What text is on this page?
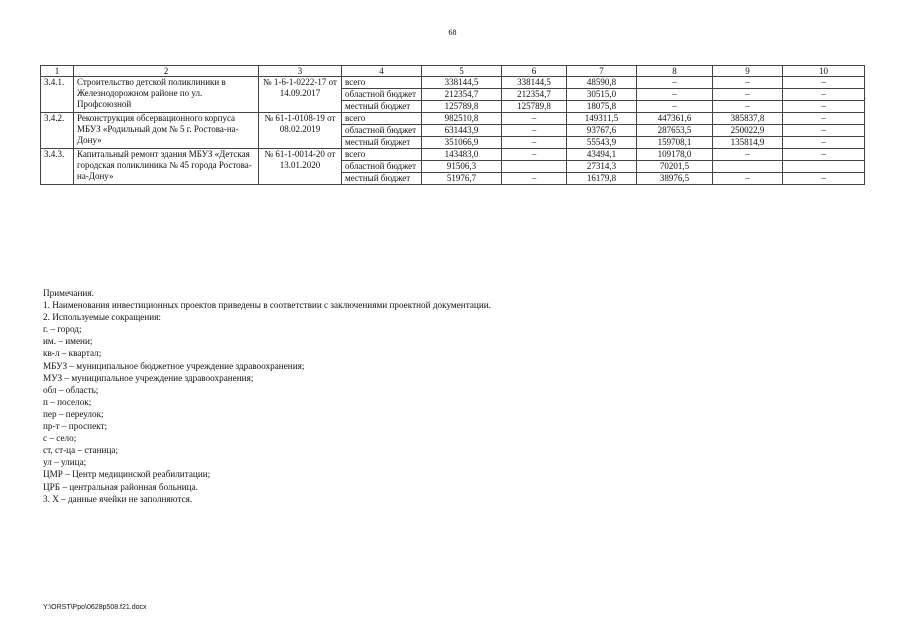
68
1	2	3	4	5	6	7	8	9	10
3.4.1.	Строительство детской поликлиники в Железнодорожном районе по ул. Профсоюзной	№ 1-6-1-0222-17 от 14.09.2017	всего	338144,5	338144,5	48590,8	–	–	–
			областной бюджет	212354,7	212354,7	30515,0	–	–	–
			местный бюджет	125789,8	125789,8	18075,8	–	–	–
3.4.2.	Реконструкция обсервационного корпуса МБУЗ «Родильный дом № 5 г. Ростова-на-Дону»	№ 61-1-0108-19 от 08.02.2019	всего	982510,8	–	149311,5	447361,6	385837,8	–
			областной бюджет	631443,9	–	93767,6	287653,5	250022,9	–
			местный бюджет	351066,9	–	55543,9	159708,1	135814,9	–
3.4.3.	Капитальный ремонт здания МБУЗ «Детская городская поликлиника № 45 города Ростова-на-Дону»	№ 61-1-0014-20 от 13.01.2020	всего	143483,0	–	43494,1	109178,0	–	–
			областной бюджет	91506,3		27314,3	70201,5		
			местный бюджет	51976,7	–	16179,8	38976,5	–	–
.
Примечания.
1. Наименования инвестиционных проектов приведены в соответствии с заключениями проектной документации.
2. Используемые сокращения:
г. – город;
им. – имени;
кв-л – квартал;
МБУЗ – муниципальное бюджетное учреждение здравоохранения;
МУЗ – муниципальное учреждение здравоохранения;
обл – область;
п – поселок;
пер – переулок;
пр-т – проспект;
с – село;
ст, ст-ца – станица;
ул – улица;
ЦМР – Центр медицинской реабилитации;
ЦРБ – центральная районная больница.
3. Х – данные ячейки не заполняются.
Y:\ORST\Ppo\0628p508.f21.docx
